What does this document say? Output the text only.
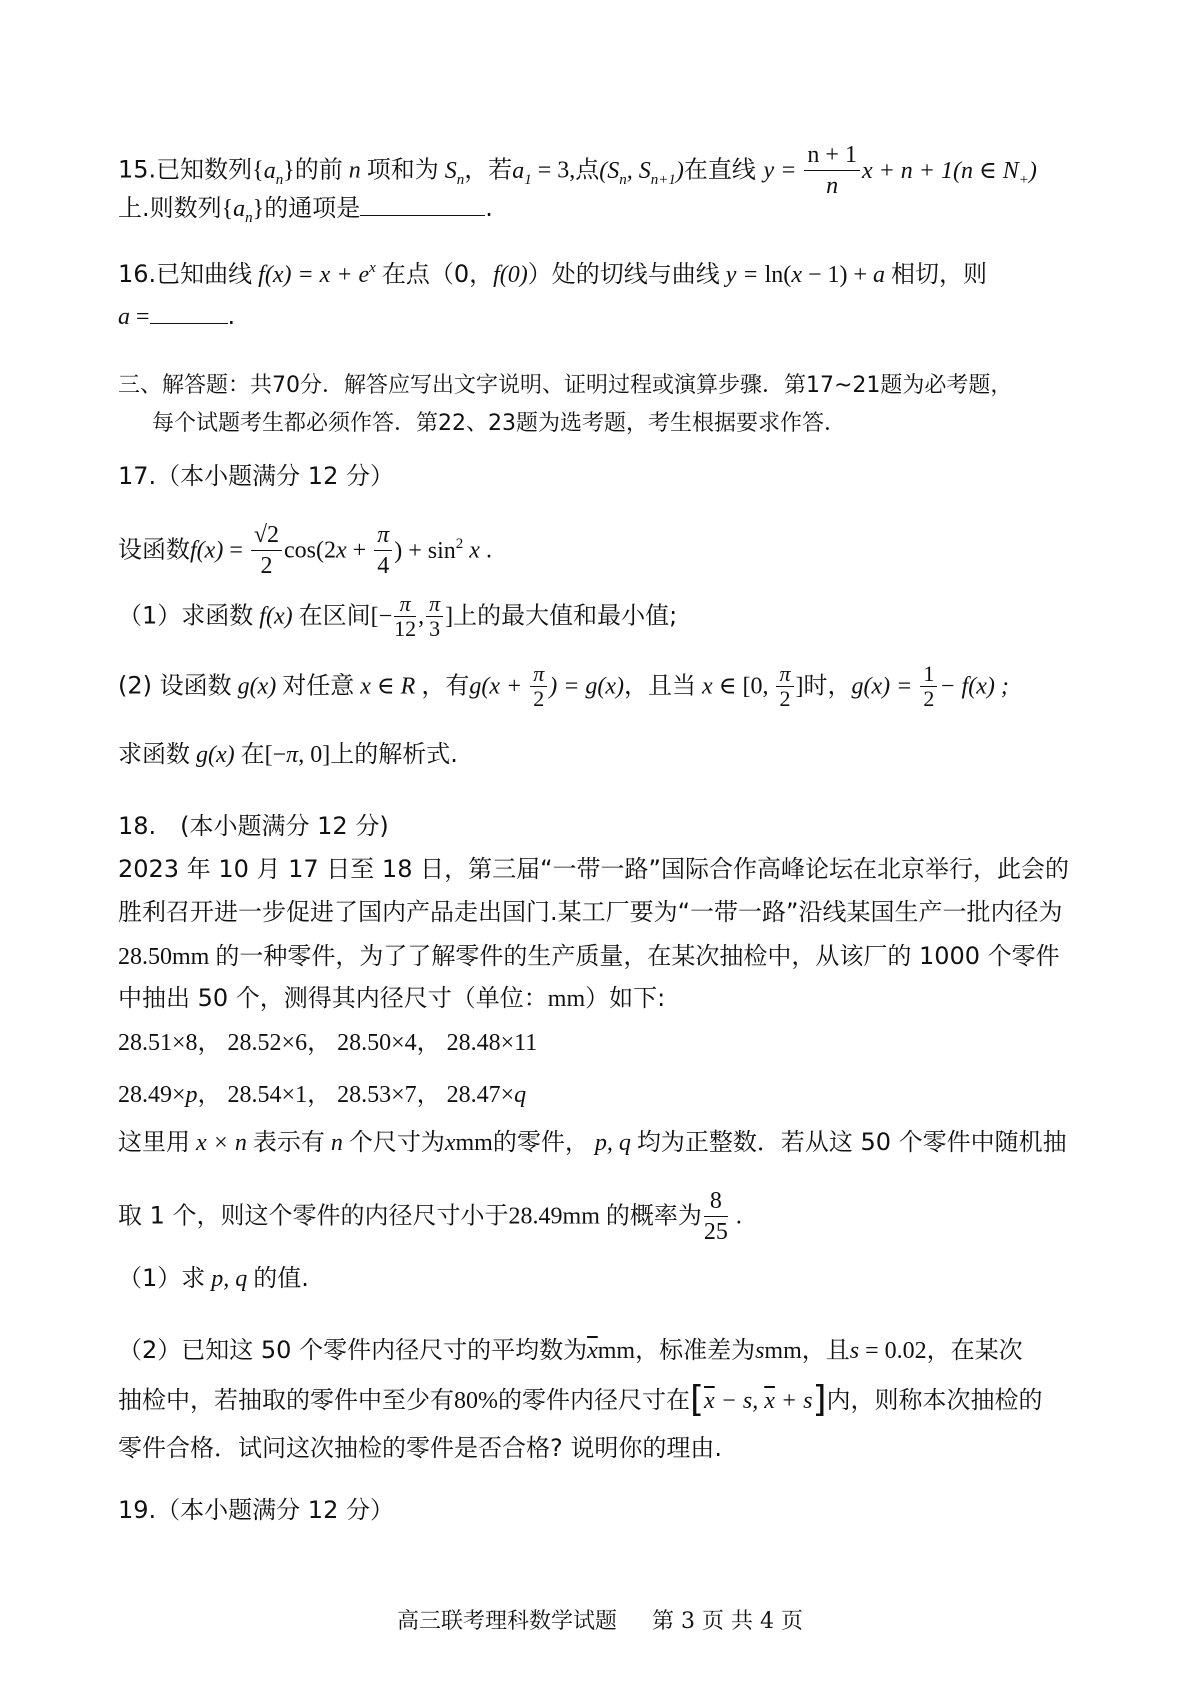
15.已知数列$\{a_n\}$的前 n 项和为 $S_n$，若$a_1 = 3$,点($S_n$, $S_{n+1}$)在直线 $y = \frac{n + 1}{n}$ x + n + 1(n ∈ $N_+$)
上.则数列$\{a_n\}$的通项是	.
16.已知曲线 $f(x) = x + e^x$ 在点（0，f(0)）处的切线与曲线 y = ln(x − 1) + a 相切，则
a =	.
三、解答题：共70分．解答应写出文字说明、证明过程或演算步骤．第17~21题为必考题，
每个试题考生都必须作答．第22、23题为选考题，考生根据要求作答．
17.（本小题满分 12 分）
设函数$f(x) = \frac{√2}{2} \cos(2x + \frac{\pi}{4}$ ) + $\sin^2 x$ .
（1）求函数 f(x) 在区间[− $\frac{\pi}{12}$ , $\frac{\pi}{3}$ ]上的最大值和最小值;
(2) 设函数 g(x) 对任意 x ∈ R ，有$g(x + \frac{\pi}{2}$ ) = g(x)，且当 x ∈ [0, $\frac{\pi}{2}$ ]时，$g(x) = \frac{1}{2} - f(x)$ ;
求函数 g(x) 在[−π, 0]上的解析式.
18.　(本小题满分 12 分)
2023 年 10 月 17 日至 18 日，第三届“一带一路”国际合作高峰论坛在北京举行，此会的
胜利召开进一步促进了国内产品走出国门.某工厂要为“一带一路”沿线某国生产一批内径为
28.50mm 的一种零件，为了了解零件的生产质量，在某次抽检中，从该厂的 1000 个零件
中抽出 50 个，测得其内径尺寸（单位：mm）如下:
28.51×8， 28.52×6， 28.50×4， 28.48×11
28.49×p， 28.54×1， 28.53×7， 28.47×q
这里用 x × n 表示有 n 个尺寸为xmm的零件， p, q 均为正整数．若从这 50 个零件中随机抽
取 1 个，则这个零件的内径尺寸小于28.49mm 的概率为 $\frac{8}{25}$ .
（1）求 p, q 的值.
（2）已知这 50 个零件内径尺寸的平均数为$\overline{x}mm$，标准差为smm，且s = 0.02，在某次
抽检中，若抽取的零件中至少有80%的零件内径尺寸在[$\overline{x} - s$, $\overline{x} + s$]内，则称本次抽检的
零件合格．试问这次抽检的零件是否合格? 说明你的理由.
19.（本小题满分 12 分）
高三联考理科数学试题 第 3 页 共 4 页
